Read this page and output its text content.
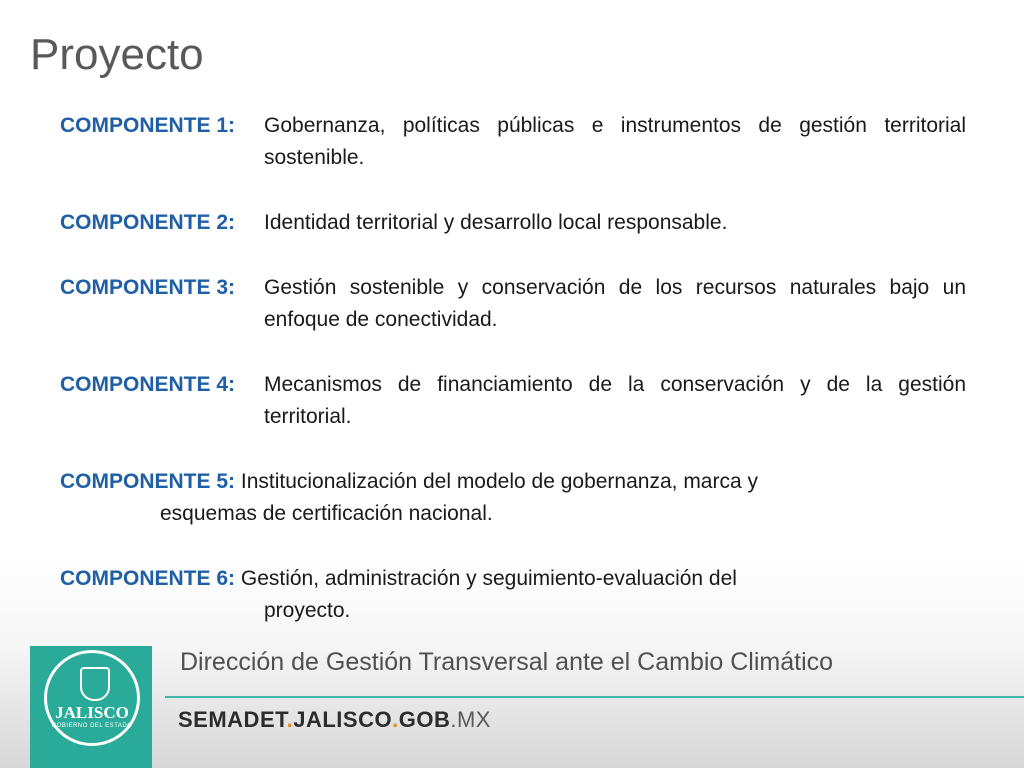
Proyecto
COMPONENTE 1: Gobernanza, políticas públicas e instrumentos de gestión territorial sostenible.
COMPONENTE 2: Identidad territorial y desarrollo local responsable.
COMPONENTE 3: Gestión sostenible y conservación de los recursos naturales bajo un enfoque de conectividad.
COMPONENTE 4: Mecanismos de financiamiento de la conservación y de la gestión territorial.
COMPONENTE 5: Institucionalización del modelo de gobernanza, marca y
esquemas de certificación nacional.
COMPONENTE 6: Gestión, administración y seguimiento-evaluación del
proyecto.
JALISCO
GOBIERNO DEL ESTADO
Dirección de Gestión Transversal ante el Cambio Climático
SEMADET.JALISCO.GOB.MX
